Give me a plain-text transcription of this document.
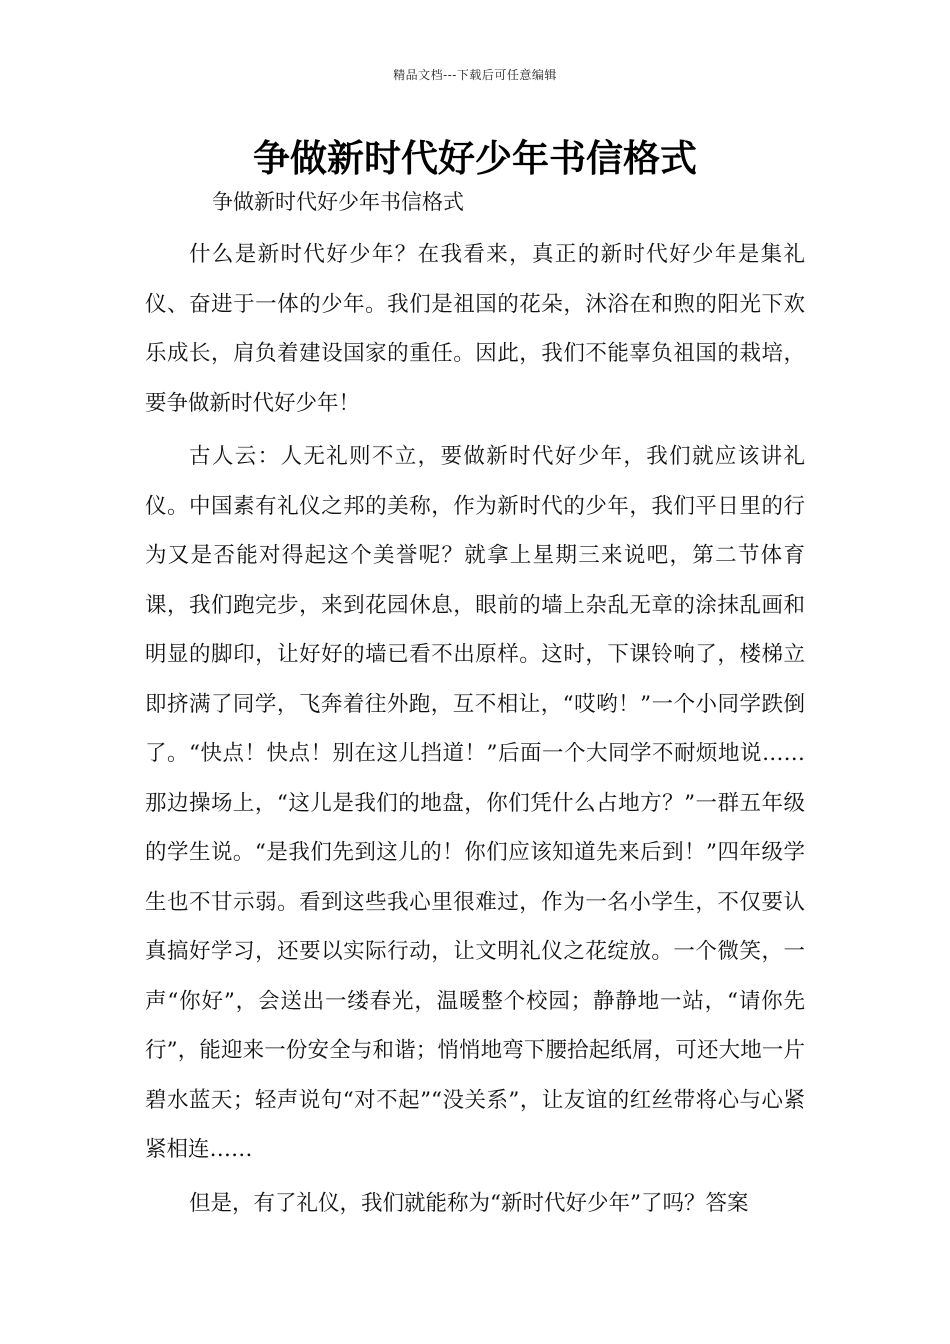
精品文档---下载后可任意编辑
争做新时代好少年书信格式
争做新时代好少年书信格式

什么是新时代好少年？在我看来，真正的新时代好少年是集礼仪、奋进于一体的少年。我们是祖国的花朵，沐浴在和煦的阳光下欢乐成长，肩负着建设国家的重任。因此，我们不能辜负祖国的栽培，要争做新时代好少年！

古人云：人无礼则不立，要做新时代好少年，我们就应该讲礼仪。中国素有礼仪之邦的美称，作为新时代的少年，我们平日里的行为又是否能对得起这个美誉呢？就拿上星期三来说吧，第二节体育课，我们跑完步，来到花园休息，眼前的墙上杂乱无章的涂抹乱画和明显的脚印，让好好的墙已看不出原样。这时，下课铃响了，楼梯立即挤满了同学，飞奔着往外跑，互不相让，“哎哟！”一个小同学跌倒了。“快点！快点！别在这儿挡道！”后面一个大同学不耐烦地说……那边操场上，“这儿是我们的地盘，你们凭什么占地方？”一群五年级的学生说。“是我们先到这儿的！你们应该知道先来后到！”四年级学生也不甘示弱。看到这些我心里很难过，作为一名小学生，不仅要认真搞好学习，还要以实际行动，让文明礼仪之花绽放。一个微笑，一声“你好”，会送出一缕春光，温暖整个校园；静静地一站，“请你先行”，能迎来一份安全与和谐；悄悄地弯下腰拾起纸屑，可还大地一片碧水蓝天；轻声说句“对不起”“没关系”，让友谊的红丝带将心与心紧紧相连……

但是，有了礼仪，我们就能称为“新时代好少年”了吗？答案
